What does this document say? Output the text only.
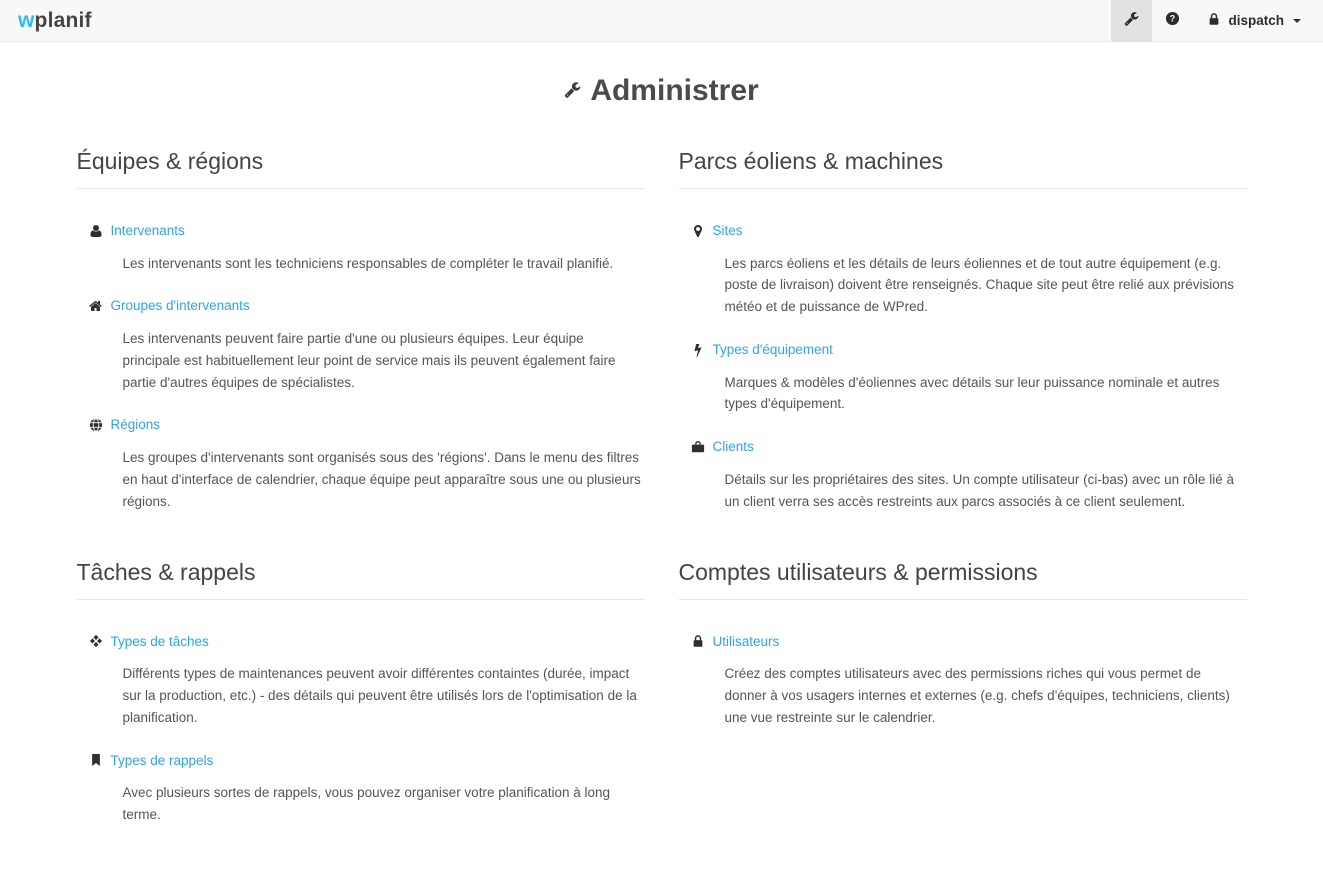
wplanif	dispatch
Administrer
Équipes & régions
Intervenants

Les intervenants sont les techniciens responsables de compléter le travail planifié.

Groupes d'intervenants

Les intervenants peuvent faire partie d'une ou plusieurs équipes. Leur équipe principale est habituellement leur point de service mais ils peuvent également faire partie d'autres équipes de spécialistes.

Régions

Les groupes d'intervenants sont organisés sous des 'régions'. Dans le menu des filtres en haut d'interface de calendrier, chaque équipe peut apparaître sous une ou plusieurs régions.

Parcs éoliens & machines
Sites

Les parcs éoliens et les détails de leurs éoliennes et de tout autre équipement (e.g. poste de livraison) doivent être renseignés. Chaque site peut être relié aux prévisions météo et de puissance de WPred.

Types d'équipement

Marques & modèles d'éoliennes avec détails sur leur puissance nominale et autres types d'équipement.

Clients

Détails sur les propriétaires des sites. Un compte utilisateur (ci-bas) avec un rôle lié à un client verra ses accès restreints aux parcs associés à ce client seulement.

Tâches & rappels
Types de tâches

Différents types de maintenances peuvent avoir différentes containtes (durée, impact sur la production, etc.) - des détails qui peuvent être utilisés lors de l'optimisation de la planification.

Types de rappels

Avec plusieurs sortes de rappels, vous pouvez organiser votre planification à long terme.

Comptes utilisateurs & permissions
Utilisateurs

Créez des comptes utilisateurs avec des permissions riches qui vous permet de donner à vos usagers internes et externes (e.g. chefs d'équipes, techniciens, clients) une vue restreinte sur le calendrier.
